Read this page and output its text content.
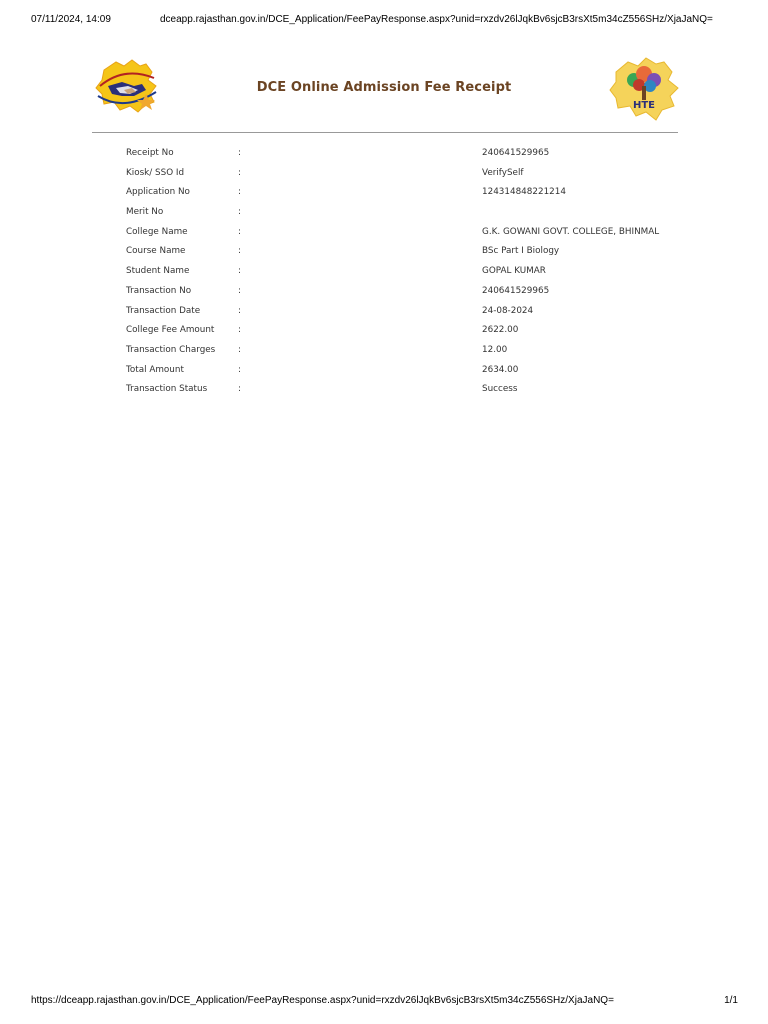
07/11/2024, 14:09	dceapp.rajasthan.gov.in/DCE_Application/FeePayResponse.aspx?unid=rxzdv26lJqkBv6sjcB3rsXt5m34cZ556SHz/XjaJaNQ=
DCE Online Admission Fee Receipt
HTE
Receipt No	:	240641529965
Kiosk/ SSO Id	:	VerifySelf
Application No	:	124314848221214
Merit No	:
College Name	:	G.K. GOWANI GOVT. COLLEGE, BHINMAL
Course Name	:	BSc Part I Biology
Student Name	:	GOPAL KUMAR
Transaction No	:	240641529965
Transaction Date	:	24-08-2024
College Fee Amount	:	2622.00
Transaction Charges	:	12.00
Total Amount	:	2634.00
Transaction Status	:	Success
https://dceapp.rajasthan.gov.in/DCE_Application/FeePayResponse.aspx?unid=rxzdv26lJqkBv6sjcB3rsXt5m34cZ556SHz/XjaJaNQ=	1/1
